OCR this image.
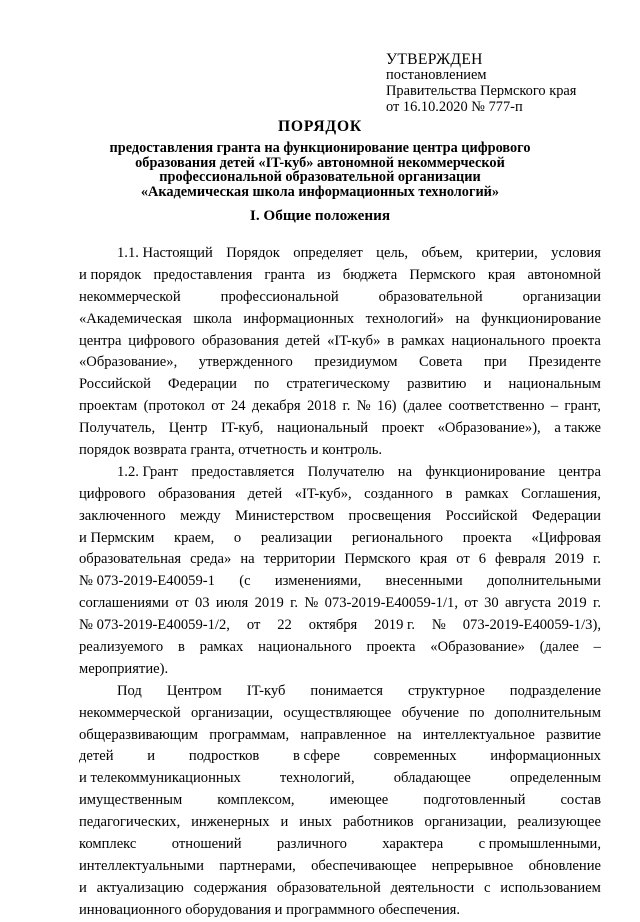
УТВЕРЖДЕН
постановлением
Правительства Пермского края
от 16.10.2020 № 777-п
ПОРЯДОК
предоставления гранта на функционирование центра цифрового
образования детей «IT-куб» автономной некоммерческой
профессиональной образовательной организации
«Академическая школа информационных технологий»
I. Общие положения
1.1. Настоящий Порядок определяет цель, объем, критерии, условия
и порядок предоставления гранта из бюджета Пермского края автономной
некоммерческой	профессиональной	образовательной	организации
«Академическая школа информационных технологий» на функционирование
центра цифрового образования детей «IT-куб» в рамках национального проекта
«Образование», утвержденного президиумом Совета при Президенте
Российской Федерации по стратегическому развитию и национальным
проектам (протокол от 24 декабря 2018 г. № 16) (далее соответственно – грант,
Получатель, Центр IT-куб, национальный проект «Образование»), а также
порядок возврата гранта, отчетность и контроль.
1.2. Грант предоставляется Получателю на функционирование центра
цифрового образования детей «IT-куб», созданного в рамках Соглашения,
заключенного между Министерством просвещения Российской Федерации
и Пермским краем, о реализации регионального проекта «Цифровая
образовательная среда» на территории Пермского края от 6 февраля 2019 г.
№ 073-2019-Е40059-1 (с изменениями, внесенными дополнительными
соглашениями от 03 июля 2019 г. № 073-2019-Е40059-1/1, от 30 августа 2019 г.
№ 073-2019-Е40059-1/2, от 22 октября 2019 г. № 073-2019-Е40059-1/3),
реализуемого в рамках национального проекта «Образование» (далее –
мероприятие).
Под Центром IT-куб понимается структурное подразделение
некоммерческой организации, осуществляющее обучение по дополнительным
общеразвивающим программам, направленное на интеллектуальное развитие
детей и подростков в сфере современных информационных
и телекоммуникационных	технологий,	обладающее	определенным
имущественным комплексом, имеющее подготовленный состав
педагогических, инженерных и иных работников организации, реализующее
комплекс отношений различного характера с промышленными,
интеллектуальными партнерами, обеспечивающее непрерывное обновление
и актуализацию содержания образовательной деятельности с использованием
инновационного оборудования и программного обеспечения.
